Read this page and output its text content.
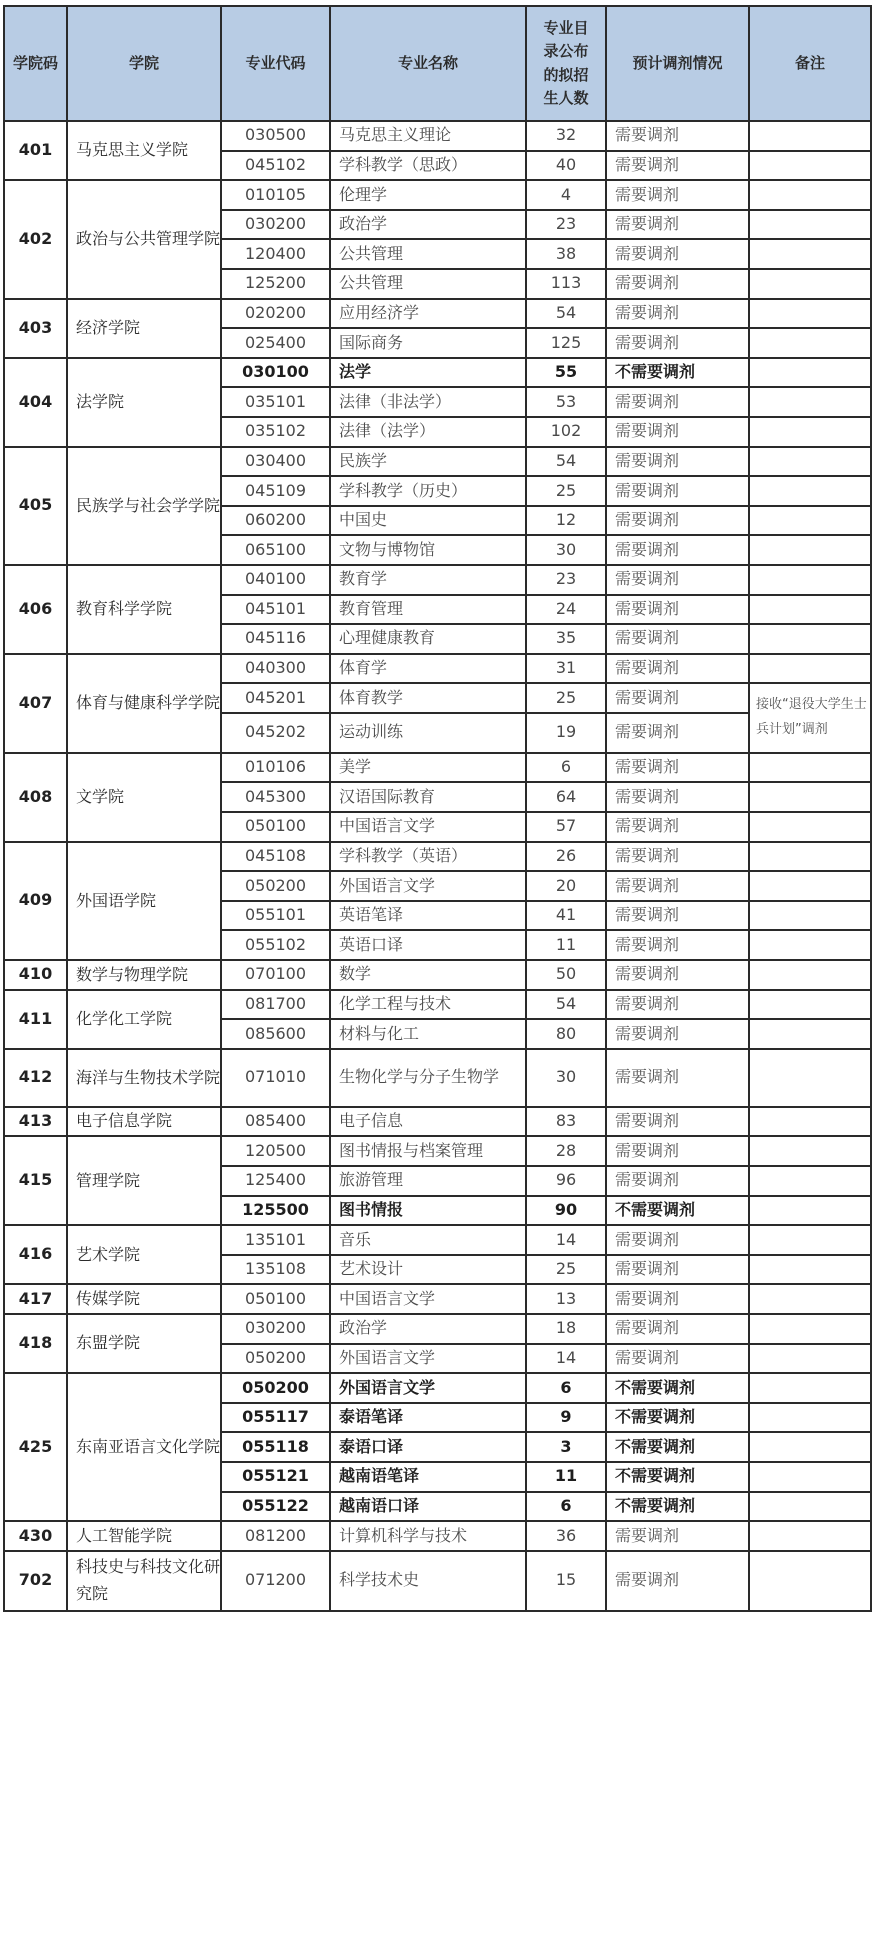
学院码	学院	专业代码	专业名称	专业目录公布的拟招生人数	预计调剂情况	备注
401	马克思主义学院	030500	马克思主义理论	32	需要调剂	
		045102	学科教学（思政）	40	需要调剂	
402	政治与公共管理学院	010105	伦理学	4	需要调剂	
		030200	政治学	23	需要调剂	
		120400	公共管理	38	需要调剂	
		125200	公共管理	113	需要调剂	
403	经济学院	020200	应用经济学	54	需要调剂	
		025400	国际商务	125	需要调剂	
404	法学院	030100	法学	55	不需要调剂	
		035101	法律（非法学）	53	需要调剂	
		035102	法律（法学）	102	需要调剂	
405	民族学与社会学学院	030400	民族学	54	需要调剂	
		045109	学科教学（历史）	25	需要调剂	
		060200	中国史	12	需要调剂	
		065100	文物与博物馆	30	需要调剂	
406	教育科学学院	040100	教育学	23	需要调剂	
		045101	教育管理	24	需要调剂	
		045116	心理健康教育	35	需要调剂	
407	体育与健康科学学院	040300	体育学	31	需要调剂	
		045201	体育教学	25	需要调剂	接收“退役大学生士兵计划”调剂
		045202	运动训练	19	需要调剂	
408	文学院	010106	美学	6	需要调剂	
		045300	汉语国际教育	64	需要调剂	
		050100	中国语言文学	57	需要调剂	
409	外国语学院	045108	学科教学（英语）	26	需要调剂	
		050200	外国语言文学	20	需要调剂	
		055101	英语笔译	41	需要调剂	
		055102	英语口译	11	需要调剂	
410	数学与物理学院	070100	数学	50	需要调剂	
411	化学化工学院	081700	化学工程与技术	54	需要调剂	
		085600	材料与化工	80	需要调剂	
412	海洋与生物技术学院	071010	生物化学与分子生物学	30	需要调剂	
413	电子信息学院	085400	电子信息	83	需要调剂	
415	管理学院	120500	图书情报与档案管理	28	需要调剂	
		125400	旅游管理	96	需要调剂	
		125500	图书情报	90	不需要调剂	
416	艺术学院	135101	音乐	14	需要调剂	
		135108	艺术设计	25	需要调剂	
417	传媒学院	050100	中国语言文学	13	需要调剂	
418	东盟学院	030200	政治学	18	需要调剂	
		050200	外国语言文学	14	需要调剂	
425	东南亚语言文化学院	050200	外国语言文学	6	不需要调剂	
		055117	泰语笔译	9	不需要调剂	
		055118	泰语口译	3	不需要调剂	
		055121	越南语笔译	11	不需要调剂	
		055122	越南语口译	6	不需要调剂	
430	人工智能学院	081200	计算机科学与技术	36	需要调剂	
702	科技史与科技文化研究院	071200	科学技术史	15	需要调剂	
